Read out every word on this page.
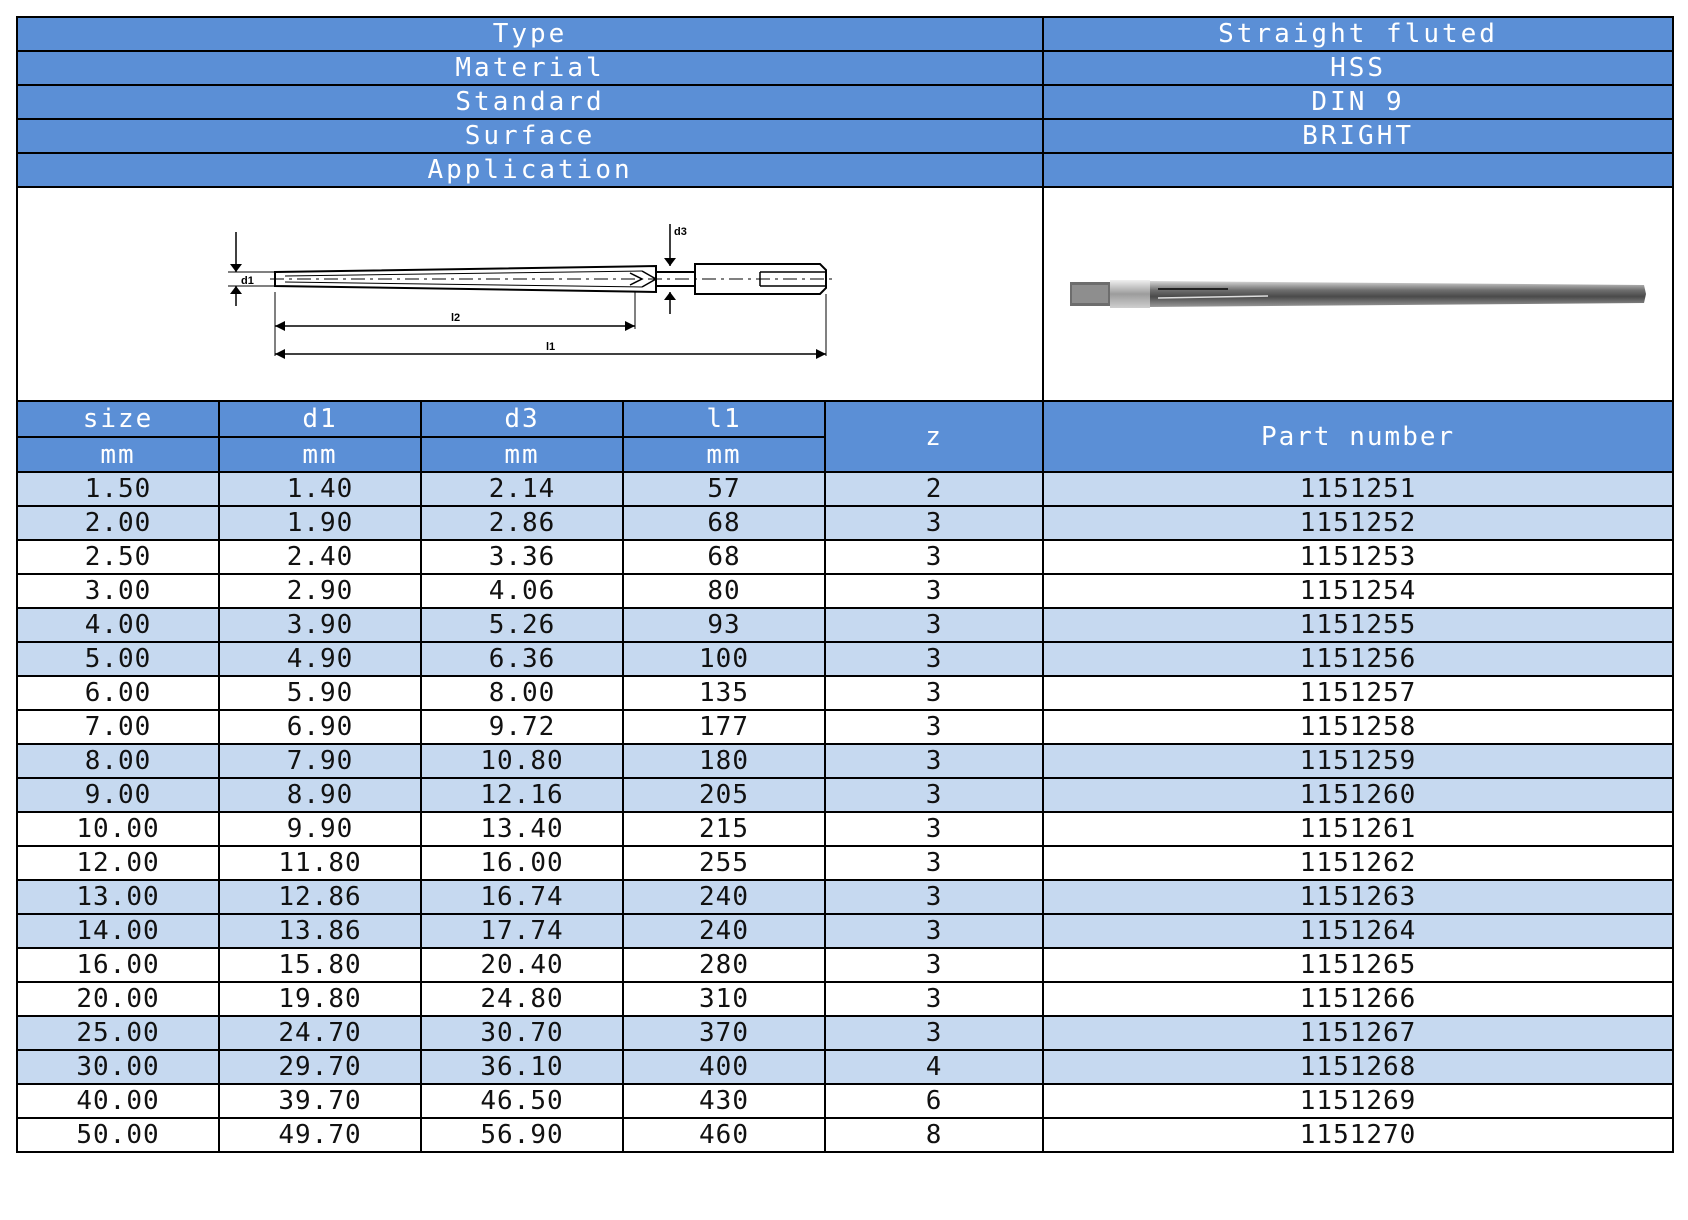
Type					Straight fluted
Material					HSS
Standard					DIN 9
Surface					BRIGHT
Application					

d1
d3
l2
l1

size	d1	d3	l1	z	Part number
mm	mm	mm	mm		
1.50	1.40	2.14	57	2	1151251
2.00	1.90	2.86	68	3	1151252
2.50	2.40	3.36	68	3	1151253
3.00	2.90	4.06	80	3	1151254
4.00	3.90	5.26	93	3	1151255
5.00	4.90	6.36	100	3	1151256
6.00	5.90	8.00	135	3	1151257
7.00	6.90	9.72	177	3	1151258
8.00	7.90	10.80	180	3	1151259
9.00	8.90	12.16	205	3	1151260
10.00	9.90	13.40	215	3	1151261
12.00	11.80	16.00	255	3	1151262
13.00	12.86	16.74	240	3	1151263
14.00	13.86	17.74	240	3	1151264
16.00	15.80	20.40	280	3	1151265
20.00	19.80	24.80	310	3	1151266
25.00	24.70	30.70	370	3	1151267
30.00	29.70	36.10	400	4	1151268
40.00	39.70	46.50	430	6	1151269
50.00	49.70	56.90	460	8	1151270
